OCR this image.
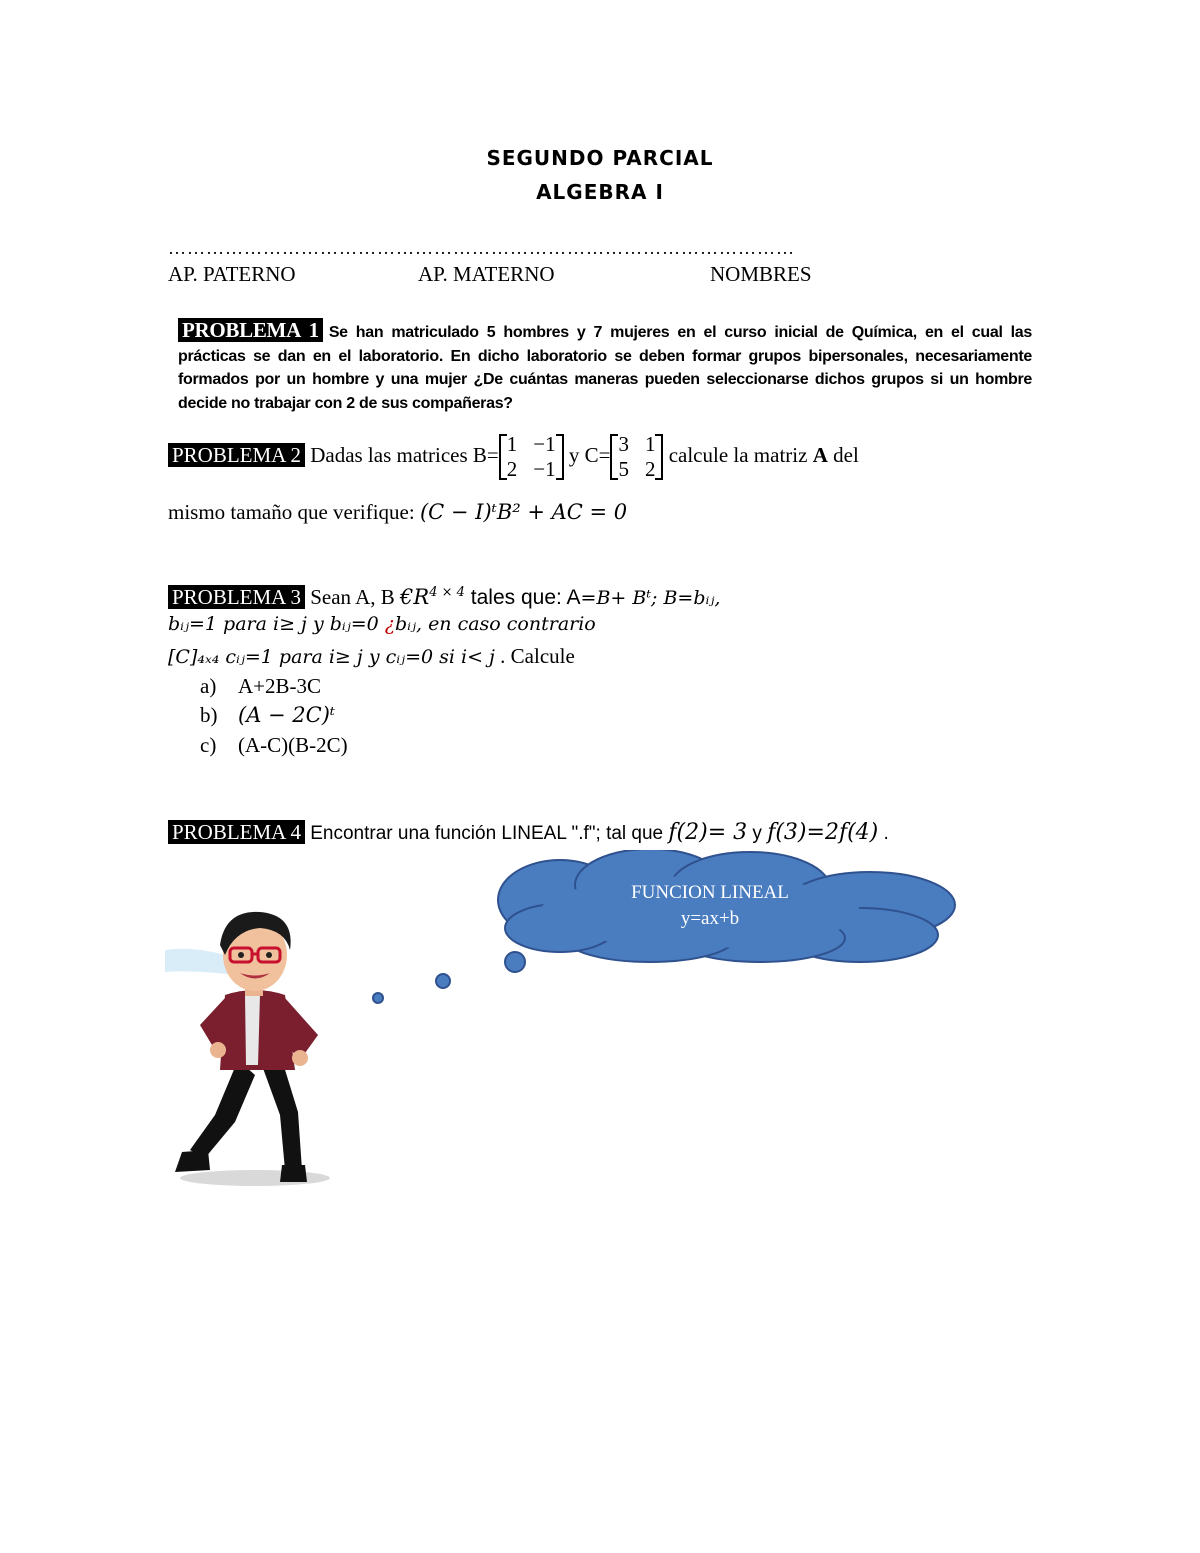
SEGUNDO PARCIAL
ALGEBRA I
………………………………………………………………………………………
AP. PATERNO	AP. MATERNO	NOMBRES
PROBLEMA 1 Se han matriculado 5 hombres y 7 mujeres en el curso inicial de Química, en el cual las prácticas se dan en el laboratorio. En dicho laboratorio se deben formar grupos bipersonales, necesariamente formados por un hombre y una mujer ¿De cuántas maneras pueden seleccionarse dichos grupos si un hombre decide no trabajar con 2 de sus compañeras?
PROBLEMA 2 Dadas las matrices B= 1	−1
2	−1
y C= 3	1
5	2
calcule la matriz A del
mismo tamaño que verifique: (C − I)ᵗB² + AC = 0
PROBLEMA 3 Sean A, B $€R^{4 \times 4}$ tales que: A=B+ Bᵗ; B=bᵢⱼ,
bᵢⱼ=1 para i≥ j y bᵢⱼ=0 ¿bᵢⱼ, en caso contrario
[C]₄ₓ₄ cᵢⱼ=1 para i≥ j y cᵢⱼ=0 si i< j . Calcule
a) A+2B-3C
b) (A − 2C)ᵗ
c) (A-C)(B-2C)
PROBLEMA 4 Encontrar una función LINEAL ".f"; tal que f(2)= 3 y f(3)=2f(4) .
FUNCION LINEAL
y=ax+b
